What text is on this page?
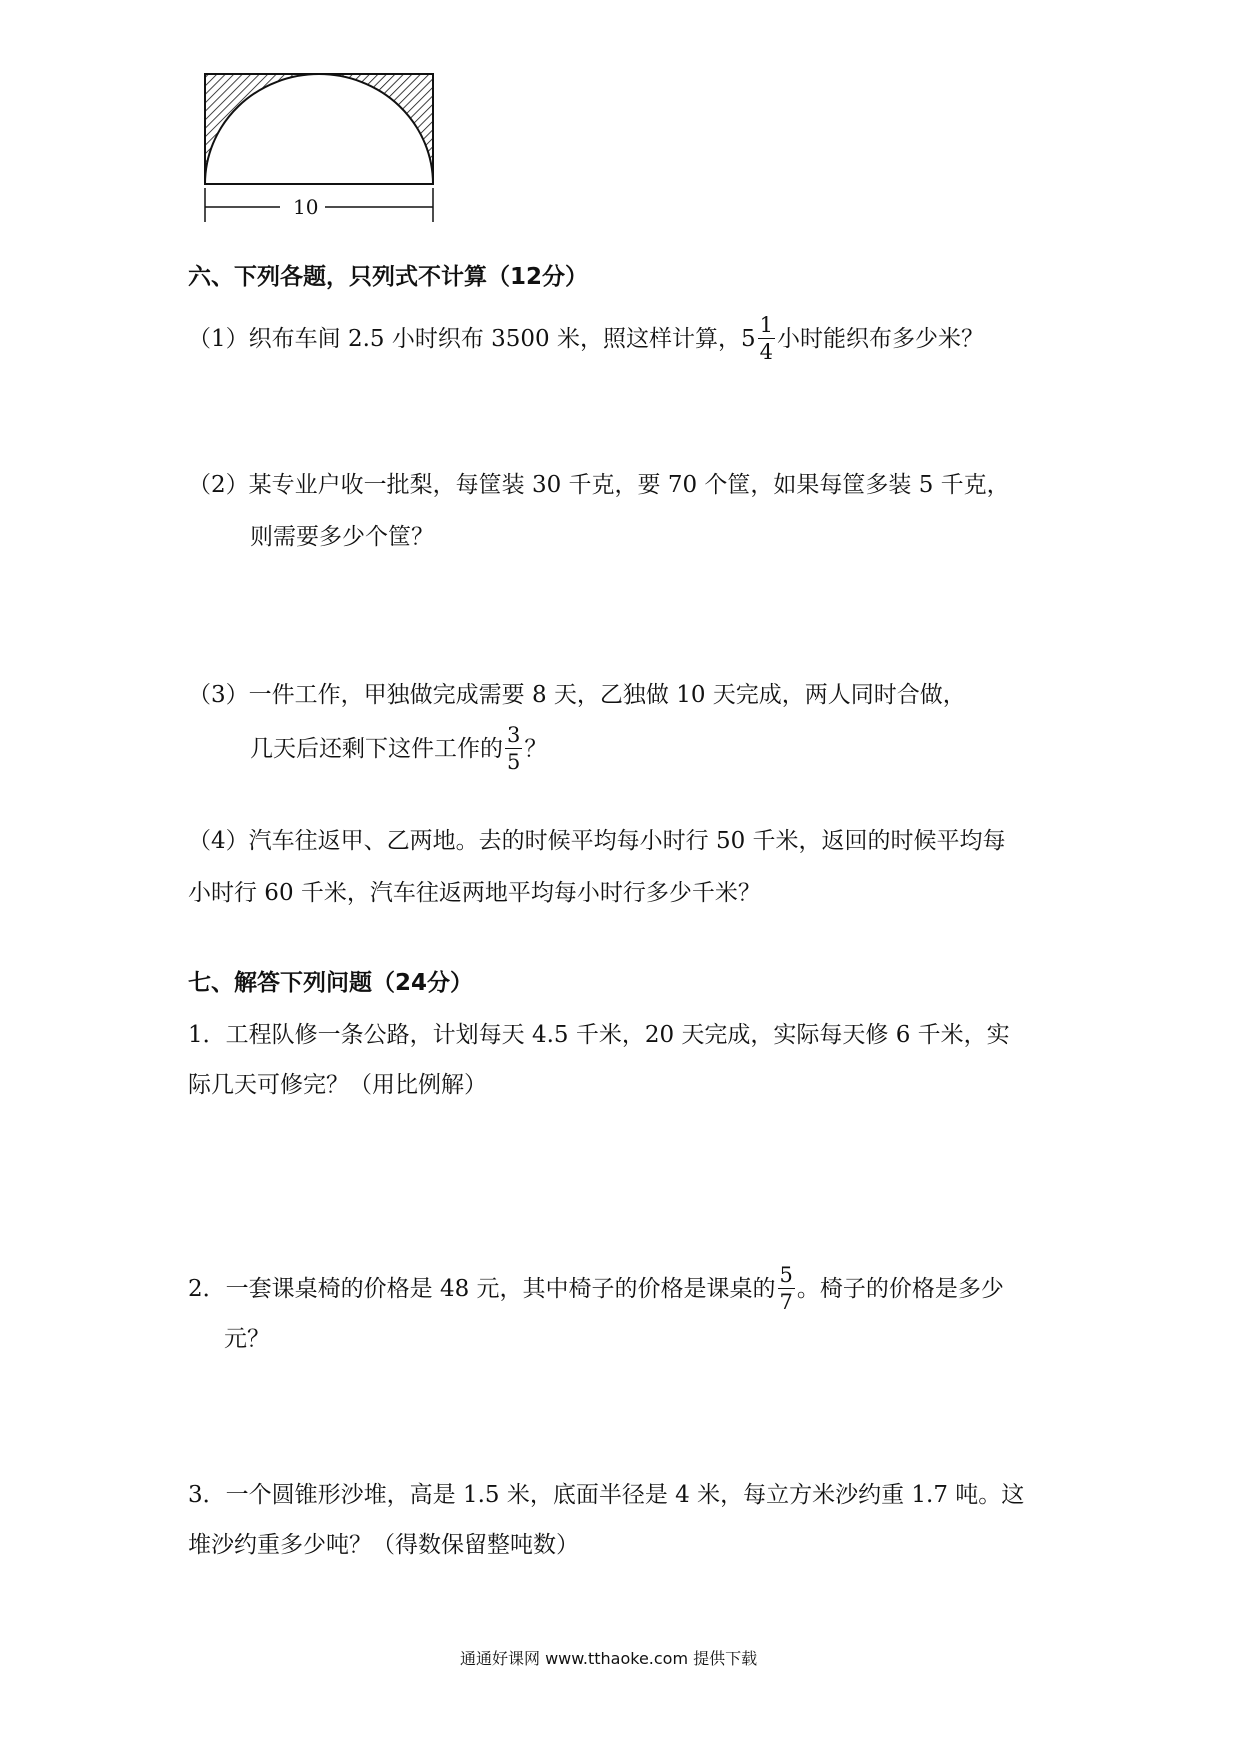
10
六、下列各题，只列式不计算（12分）
（1）织布车间 2.5 小时织布 3500 米，照这样计算，$5 \frac{1}{4}$ 小时能织布多少米？
（2）某专业户收一批梨，每筐装 30 千克，要 70 个筐，如果每筐多装 5 千克，
则需要多少个筐？
（3）一件工作，甲独做完成需要 8 天，乙独做 10 天完成，两人同时合做，
几天后还剩下这件工作的 $\frac{3}{5}$ ？
（4）汽车往返甲、乙两地。去的时候平均每小时行 50 千米，返回的时候平均每
小时行 60 千米，汽车往返两地平均每小时行多少千米？
七、解答下列问题（24分）
1．工程队修一条公路，计划每天 4.5 千米，20 天完成，实际每天修 6 千米，实
际几天可修完？（用比例解）
2．一套课桌椅的价格是 48 元，其中椅子的价格是课桌的 $\frac{5}{7}$ 。椅子的价格是多少
元？
3．一个圆锥形沙堆，高是 1.5 米，底面半径是 4 米，每立方米沙约重 1.7 吨。这
堆沙约重多少吨？（得数保留整吨数）
通通好课网 www.tthaoke.com 提供下载
